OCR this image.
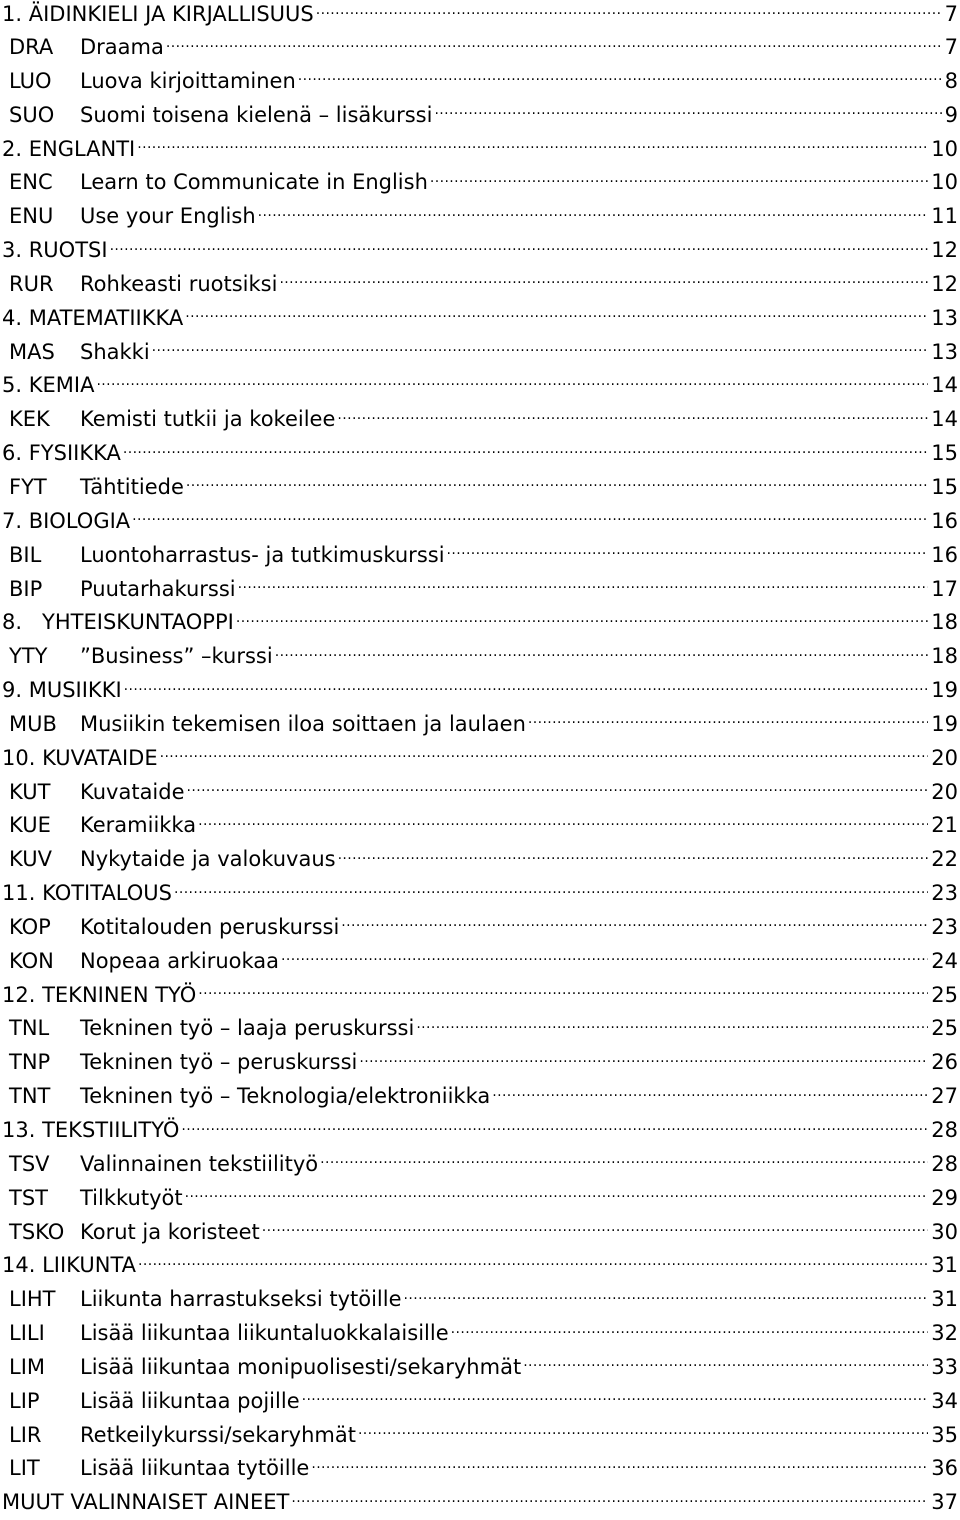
1. ÄIDINKIELI JA KIRJALLISUUS .....	7
DRA	Draama .....	7
LUO	Luova kirjoittaminen .....	8
SUO	Suomi toisena kielenä – lisäkurssi .....	9
2. ENGLANTI .....	10
ENC	Learn to Communicate in English .....	10
ENU	Use your English .....	11
3. RUOTSI .....	12
RUR	Rohkeasti ruotsiksi .....	12
4. MATEMATIIKKA .....	13
MAS	Shakki .....	13
5. KEMIA .....	14
KEK	Kemisti tutkii ja kokeilee .....	14
6. FYSIIKKA .....	15
FYT	Tähtitiede .....	15
7. BIOLOGIA .....	16
BIL	Luontoharrastus- ja tutkimuskurssi .....	16
BIP	Puutarhakurssi .....	17
8.   YHTEISKUNTAOPPI .....	18
YTY	”Business” –kurssi .....	18
9. MUSIIKKI .....	19
MUB	Musiikin tekemisen iloa soittaen ja laulaen .....	19
10. KUVATAIDE .....	20
KUT	Kuvataide .....	20
KUE	Keramiikka .....	21
KUV	Nykytaide ja valokuvaus .....	22
11. KOTITALOUS .....	23
KOP	Kotitalouden peruskurssi .....	23
KON	Nopeaa arkiruokaa .....	24
12. TEKNINEN TYÖ .....	25
TNL	Tekninen työ – laaja peruskurssi .....	25
TNP	Tekninen työ – peruskurssi .....	26
TNT	Tekninen työ – Teknologia/elektroniikka .....	27
13. TEKSTIILITYÖ .....	28
TSV	Valinnainen tekstiilityö .....	28
TST	Tilkkutyöt .....	29
TSKO Korut ja koristeet .....	30
14. LIIKUNTA .....	31
LIHT	Liikunta harrastukseksi tytöille .....	31
LILI	Lisää liikuntaa liikuntaluokkalaisille .....	32
LIM	Lisää liikuntaa monipuolisesti/sekaryhmät .....	33
LIP	Lisää liikuntaa pojille .....	34
LIR	Retkeilykurssi/sekaryhmät .....	35
LIT	Lisää liikuntaa tytöille .....	36
MUUT VALINNAISET AINEET .....	37
